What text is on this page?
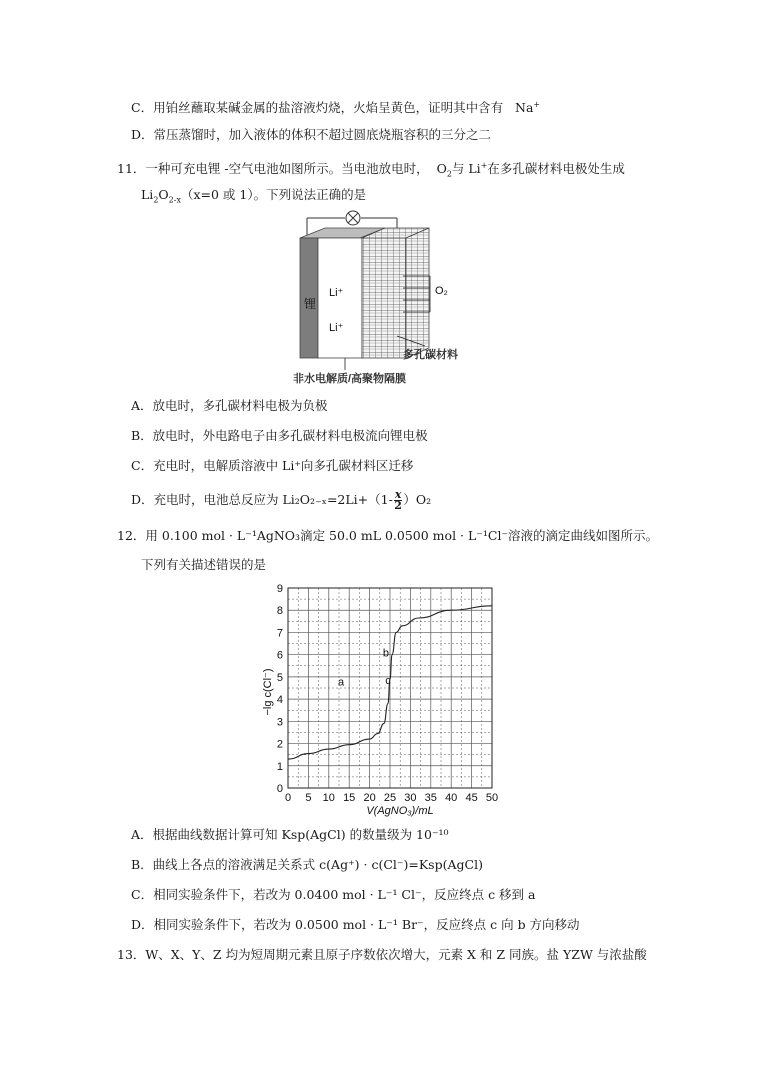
C．用铂丝蘸取某碱金属的盐溶液灼烧，火焰呈黄色，证明其中含有 Na+
D．常压蒸馏时，加入液体的体积不超过圆底烧瓶容积的三分之二
11．一种可充电锂 -空气电池如图所示。当电池放电时， $O_2$与 Li+在多孔碳材料电极处生成
$Li_2O_{2-x}(x=0$ 或 1）。下列说法正确的是
锂
Li⁺
Li⁺
O₂
多孔碳材料
非水电解质/高聚物隔膜
A．放电时，多孔碳材料电极为负极
B．放电时，外电路电子由多孔碳材料电极流向锂电极
C．充电时，电解质溶液中 Li⁺向多孔碳材料区迁移
D．充电时，电池总反应为 $Li_2O_{2-x}=2Li+(1- \frac{x}{2} )O_2$
12．用 0.100 mol · L⁻¹AgNO₃滴定 50.0 mL 0.0500 mol · L⁻¹Cl⁻溶液的滴定曲线如图所示。
下列有关描述错误的是
0 5 10 15 20 25 30 35 40 45 50
0
1
2
3
4
5
6
7
8
9
a
b
c
−lg c(Cl⁻)
V(AgNO₃)/mL
A．根据曲线数据计算可知 Ksp(AgCl) 的数量级为 10⁻¹⁰
B．曲线上各点的溶液满足关系式 c(Ag⁺) · c(Cl⁻)=Ksp(AgCl)
C．相同实验条件下，若改为 0.0400 mol · L⁻¹ Cl⁻，反应终点 c 移到 a
D．相同实验条件下，若改为 0.0500 mol · L⁻¹ Br⁻，反应终点 c 向 b 方向移动
13．W、X、Y、Z 均为短周期元素且原子序数依次增大，元素 X 和 Z 同族。盐 YZW 与浓盐酸
